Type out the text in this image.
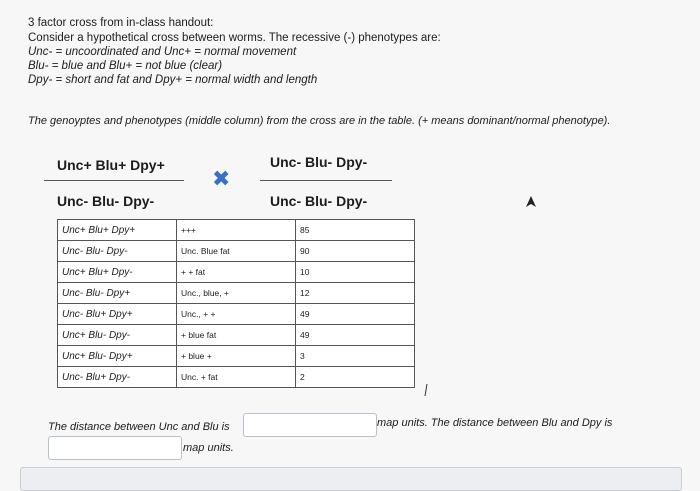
3 factor cross from in-class handout:
Consider a hypothetical cross between worms. The recessive (-) phenotypes are:
Unc- = uncoordinated and Unc+ = normal movement
Blu- = blue and Blu+ = not blue (clear)
Dpy- = short and fat and Dpy+ = normal width and length
The genoyptes and phenotypes (middle column) from the cross are in the table. (+ means dominant/normal phenotype).
Unc+ Blu+ Dpy+
Unc- Blu- Dpy-
✖
Unc- Blu- Dpy-
Unc- Blu- Dpy-
Unc+ Blu+ Dpy+	+++	85
Unc- Blu- Dpy-	Unc. Blue fat	90
Unc+ Blu+ Dpy-	+ + fat	10
Unc- Blu- Dpy+	Unc., blue, +	12
Unc- Blu+ Dpy+	Unc., + +	49
Unc+ Blu- Dpy-	+ blue fat	49
Unc+ Blu- Dpy+	+ blue +	3
Unc- Blu+ Dpy-	Unc. + fat	2
The distance between Unc and Blu is	map units. The distance between Blu and Dpy is
map units.
